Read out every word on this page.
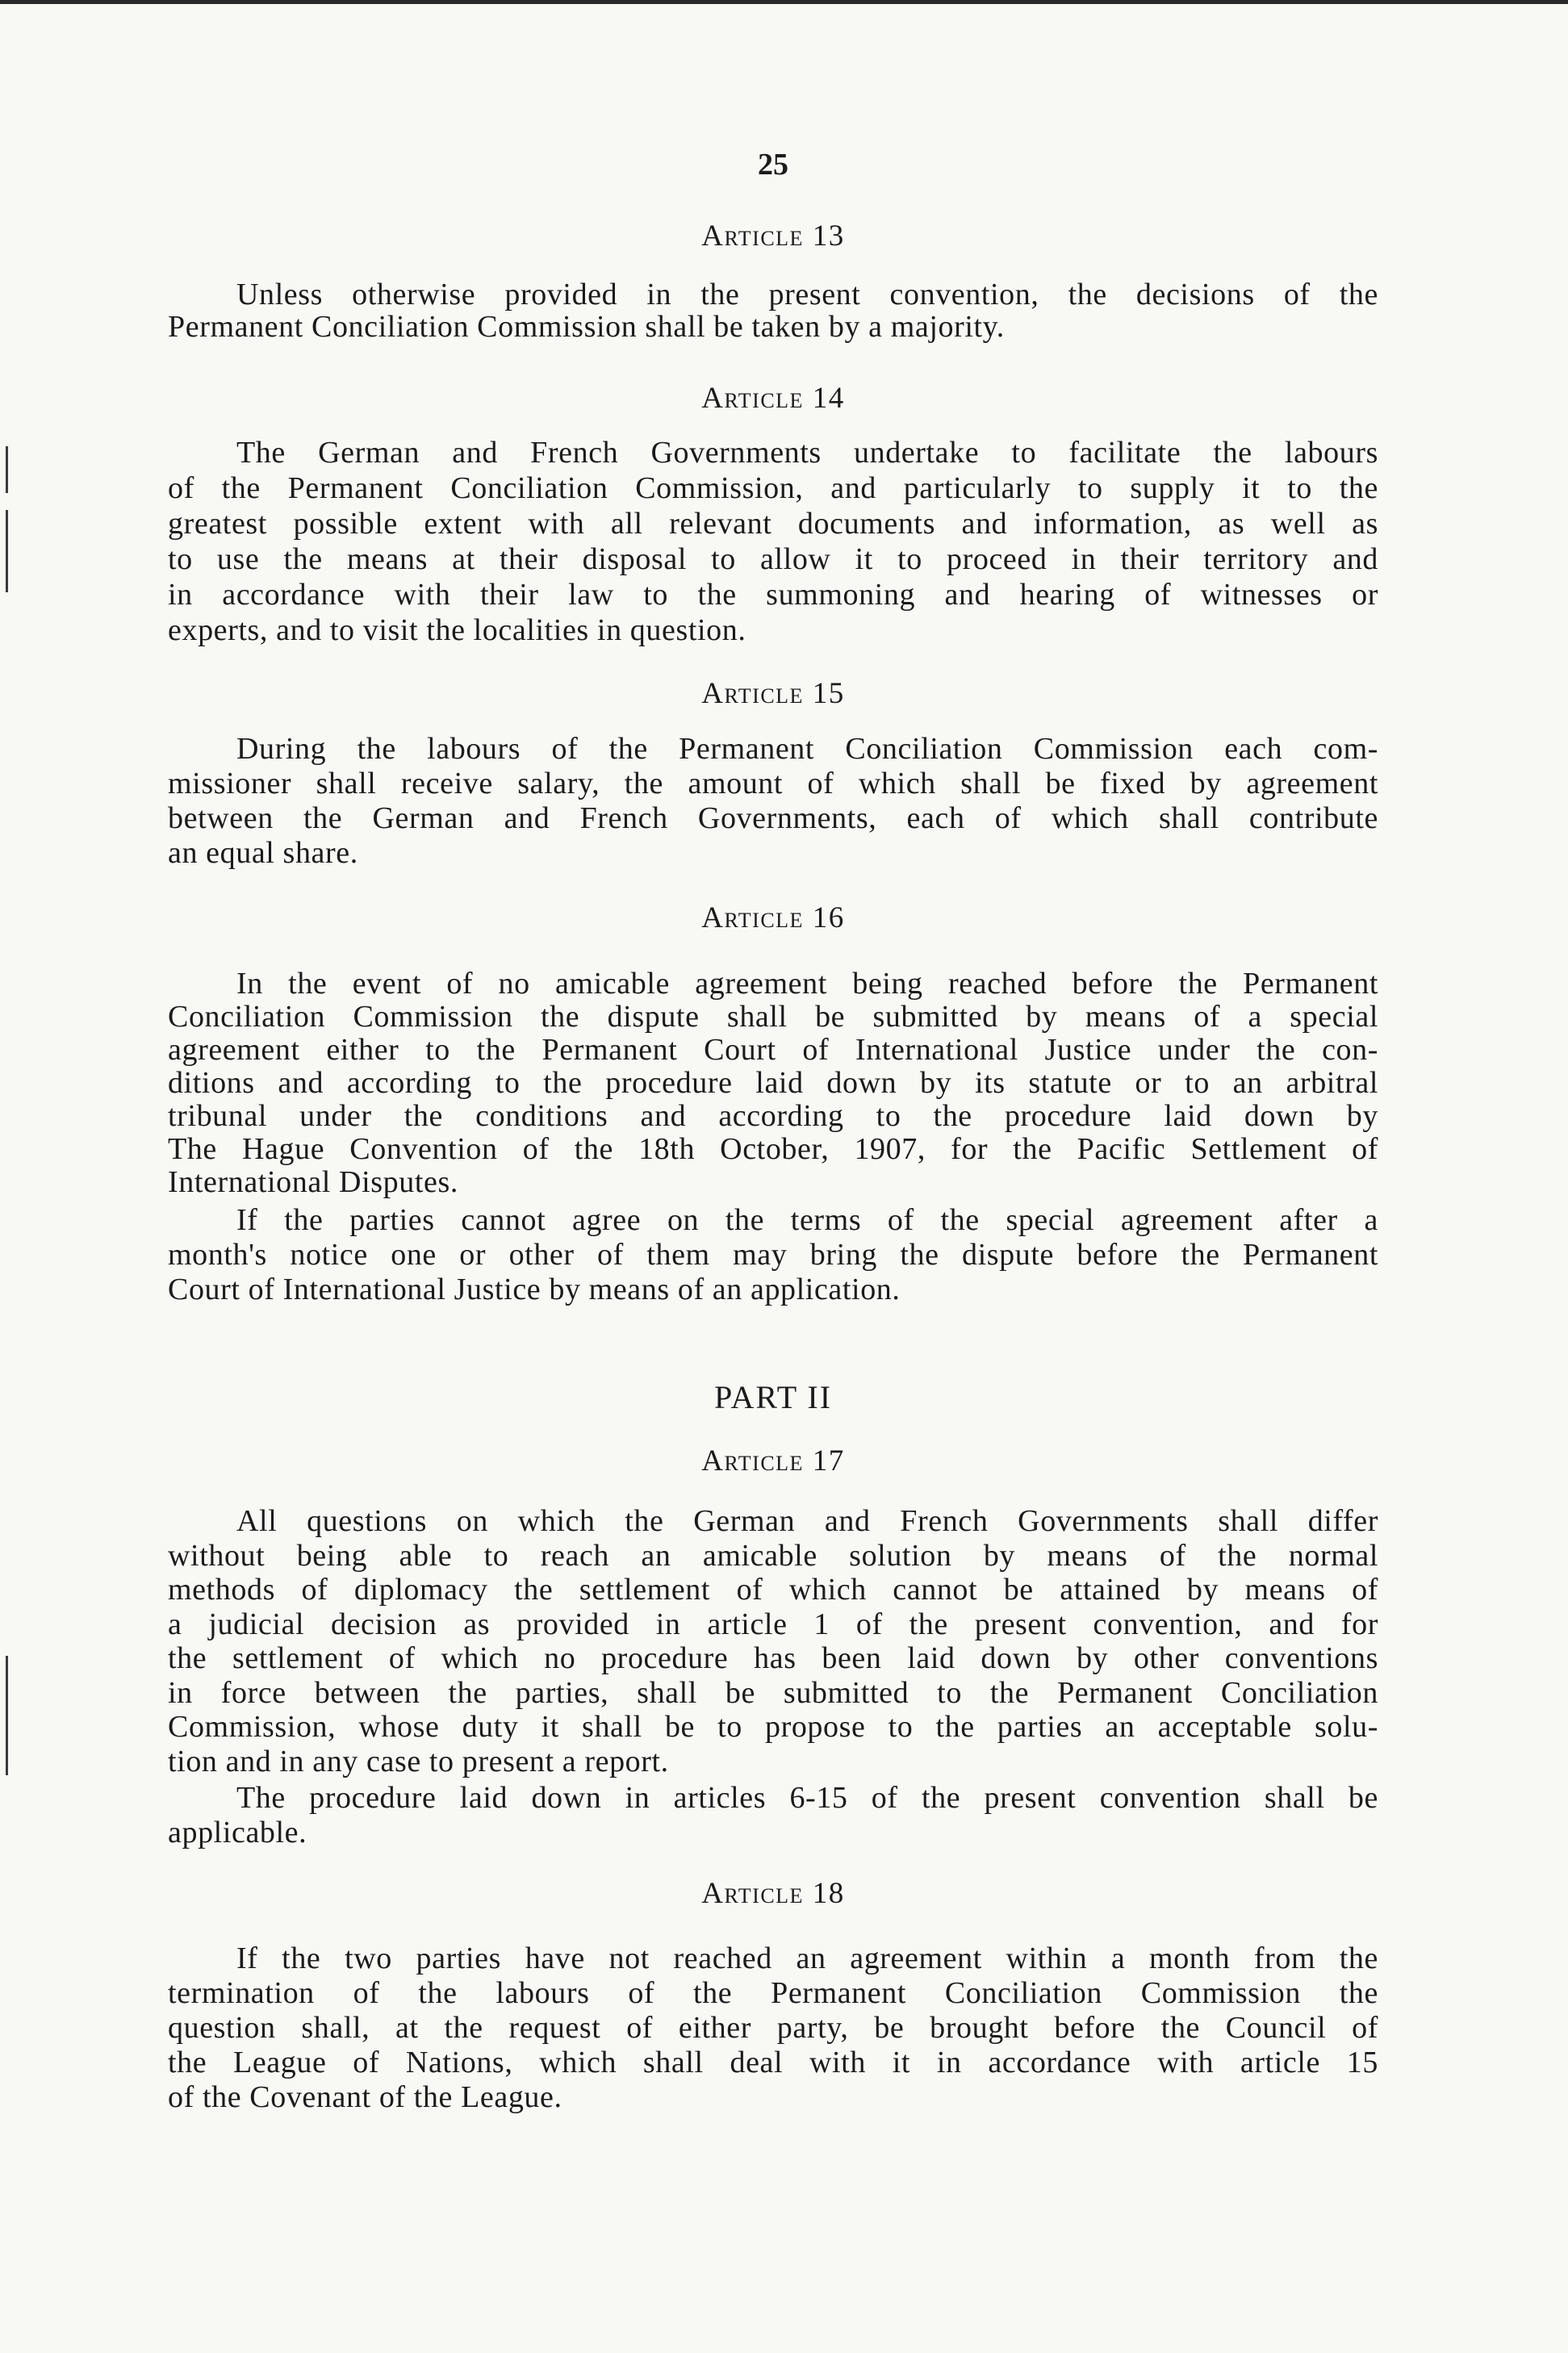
25
Article 13
Unless otherwise provided in the present convention, the decisions of the
Permanent Conciliation Commission shall be taken by a majority.
Article 14
The German and French Governments undertake to facilitate the labours
of the Permanent Conciliation Commission, and particularly to supply it to the
greatest possible extent with all relevant documents and information, as well as
to use the means at their disposal to allow it to proceed in their territory and
in accordance with their law to the summoning and hearing of witnesses or
experts, and to visit the localities in question.
Article 15
During the labours of the Permanent Conciliation Commission each com-
missioner shall receive salary, the amount of which shall be fixed by agreement
between the German and French Governments, each of which shall contribute
an equal share.
Article 16
In the event of no amicable agreement being reached before the Permanent
Conciliation Commission the dispute shall be submitted by means of a special
agreement either to the Permanent Court of International Justice under the con-
ditions and according to the procedure laid down by its statute or to an arbitral
tribunal under the conditions and according to the procedure laid down by
The Hague Convention of the 18th October, 1907, for the Pacific Settlement of
International Disputes.
If the parties cannot agree on the terms of the special agreement after a
month's notice one or other of them may bring the dispute before the Permanent
Court of International Justice by means of an application.
PART II
Article 17
All questions on which the German and French Governments shall differ
without being able to reach an amicable solution by means of the normal
methods of diplomacy the settlement of which cannot be attained by means of
a judicial decision as provided in article 1 of the present convention, and for
the settlement of which no procedure has been laid down by other conventions
in force between the parties, shall be submitted to the Permanent Conciliation
Commission, whose duty it shall be to propose to the parties an acceptable solu-
tion and in any case to present a report.
The procedure laid down in articles 6-15 of the present convention shall be
applicable.
Article 18
If the two parties have not reached an agreement within a month from the
termination of the labours of the Permanent Conciliation Commission the
question shall, at the request of either party, be brought before the Council of
the League of Nations, which shall deal with it in accordance with article 15
of the Covenant of the League.
